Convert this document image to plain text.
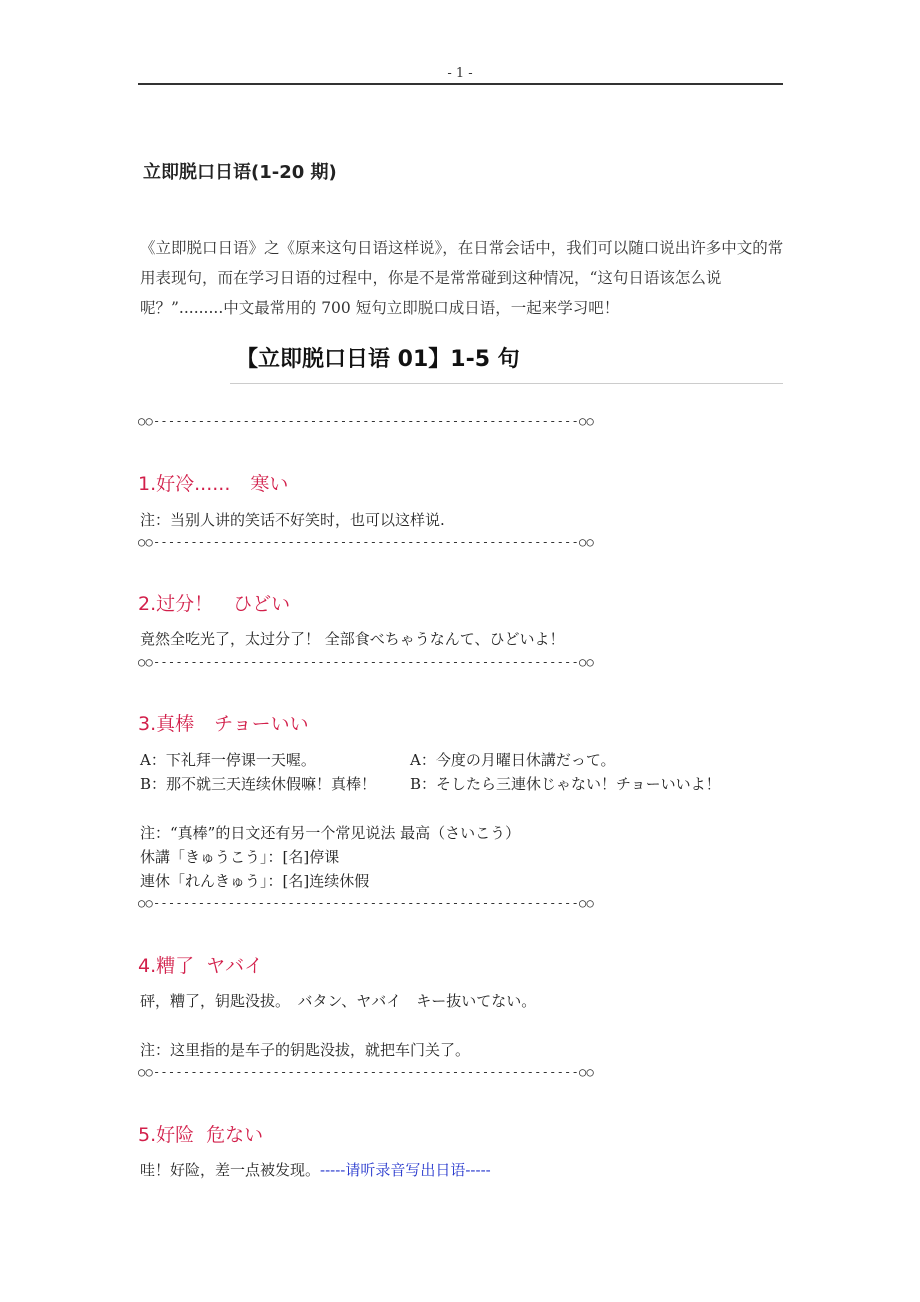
- 1 -
立即脱口日语(1-20 期)
《立即脱口日语》之《原来这句日语这样说》，在日常会话中，我们可以随口说出许多中文的常用表现句，而在学习日语的过程中，你是不是常常碰到这种情况，“这句日语该怎么说呢？”.........中文最常用的 700 短句立即脱口成日语，一起来学习吧！
【立即脱口日语 01】1-5 句
○○---------------------------------------------------------○○
1.好冷...... 寒い
注：当别人讲的笑话不好笑时，也可以这样说.
○○---------------------------------------------------------○○
2.过分！ ひどい
竟然全吃光了，太过分了！ 全部食べちゃうなんて、ひどいよ！
○○---------------------------------------------------------○○
3.真棒 チョーいい
A：下礼拜一停课一天喔。	A：今度の月曜日休講だって。
B：那不就三天连续休假嘛！真棒！ B：そしたら三連休じゃない！チョーいいよ！
注：“真棒”的日文还有另一个常见说法 最高（さいこう）
休講「きゅうこう」：[名]停课
連休「れんきゅう」：[名]连续休假
○○---------------------------------------------------------○○
4.糟了 ヤバイ
砰，糟了，钥匙没拔。　バタン、ヤバイ　キー抜いてない。
注：这里指的是车子的钥匙没拔，就把车门关了。
○○---------------------------------------------------------○○
5.好险 危ない
哇！好险，差一点被发现。-----请听录音写出日语-----
